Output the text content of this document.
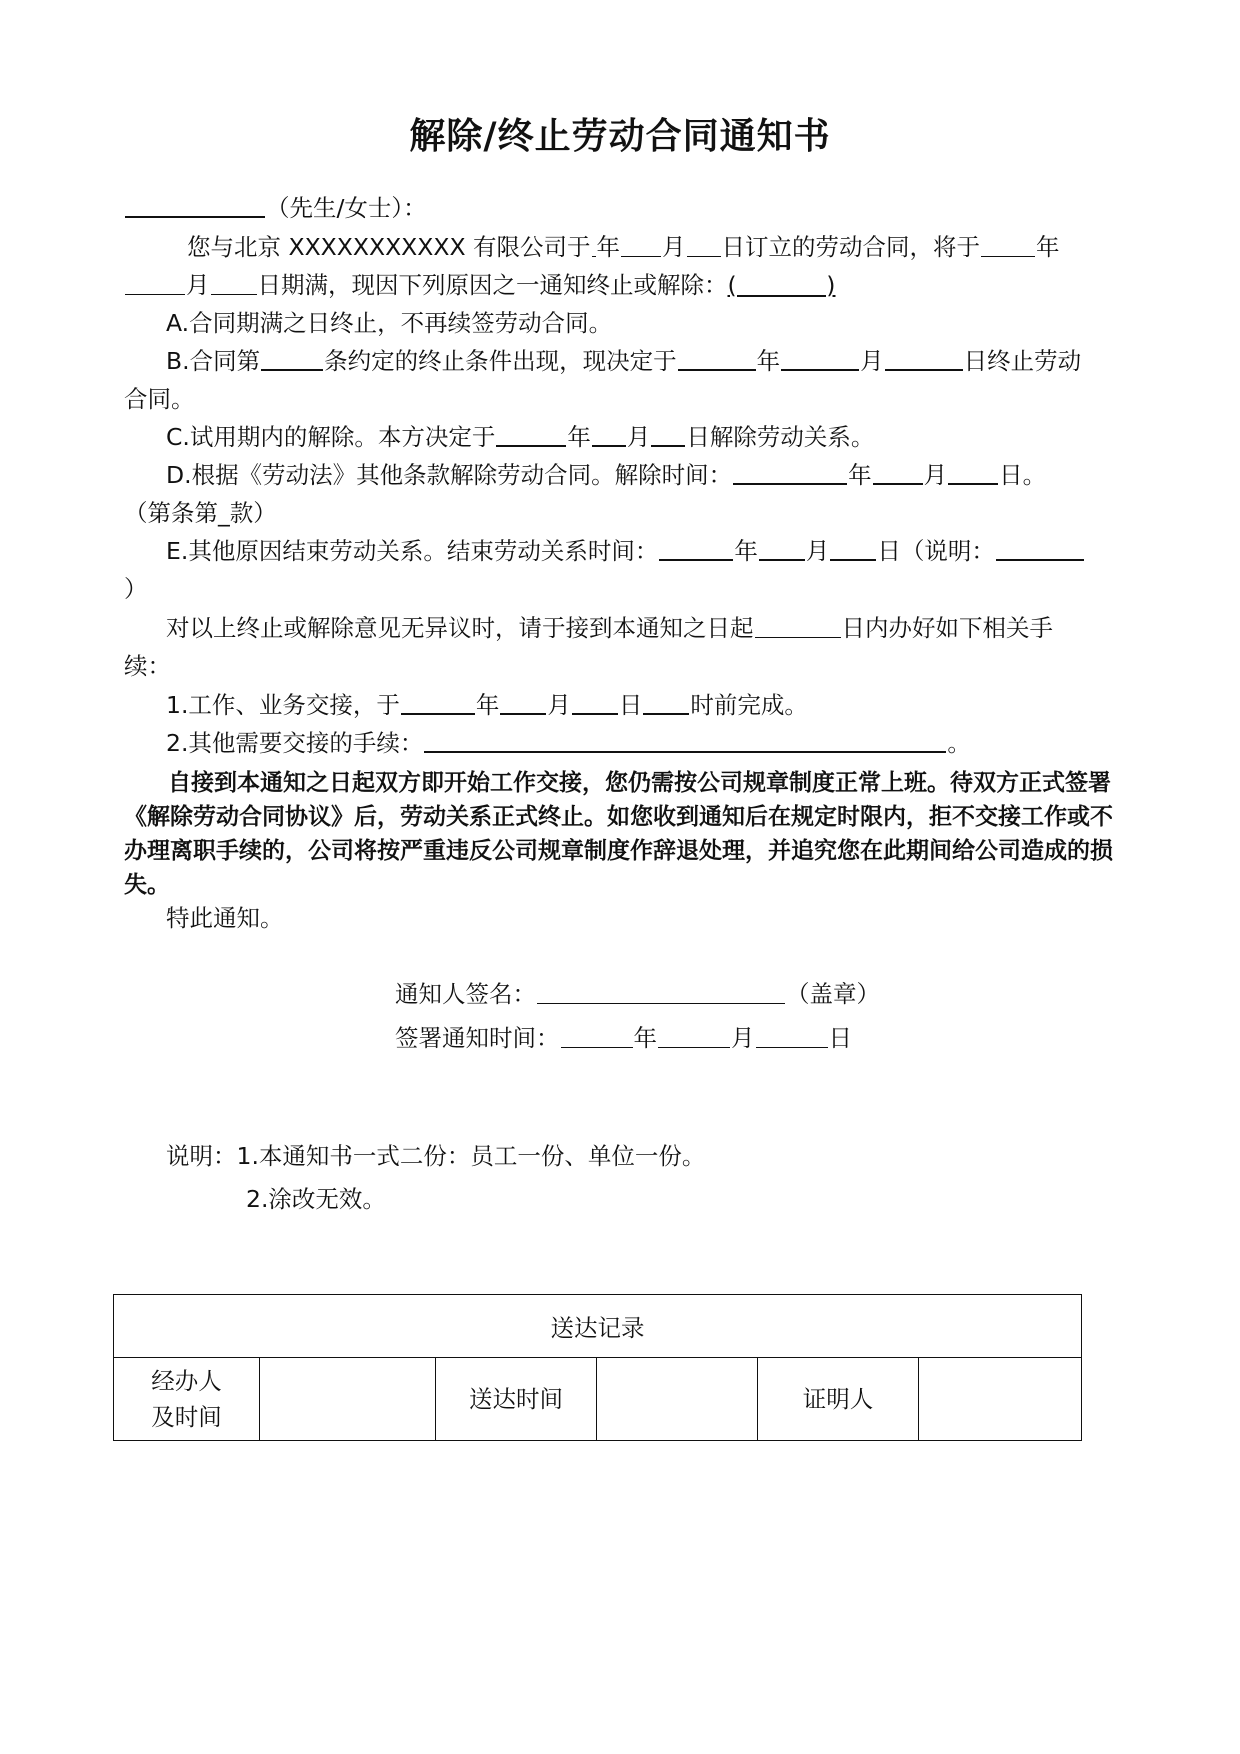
解除/终止劳动合同通知书
（先生/女士）：
您与北京 XXXXXXXXXXX 有限公司于 年 月 日订立的劳动合同，将于 年
月 日期满，现因下列原因之一通知终止或解除：(            )
A.合同期满之日终止，不再续签劳动合同。
B.合同第	条约定的终止条件出现，现决定于	年	月	日终止劳动
合同。
C.试用期内的解除。本方决定于	年 月 日解除劳动关系。
D.根据《劳动法》其他条款解除劳动合同。解除时间：	年 月 日。
（第条第_款）
E.其他原因结束劳动关系。结束劳动关系时间：	年 月 日（说明：
）
对以上终止或解除意见无异议时，请于接到本通知之日起	日内办好如下相关手
续：
1.工作、业务交接，于	年 月 日 时前完成。
2.其他需要交接的手续：	。
自接到本通知之日起双方即开始工作交接，您仍需按公司规章制度正常上班。待双方正式签署《解除劳动合同协议》后，劳动关系正式终止。如您收到通知后在规定时限内，拒不交接工作或不办理离职手续的，公司将按严重违反公司规章制度作辞退处理，并追究您在此期间给公司造成的损失。
特此通知。
通知人签名：	（盖章）
签署通知时间：	年	月	日
说明：1.本通知书一式二份：员工一份、单位一份。
2.涂改无效。
送达记录
经办人
及时间		送达时间		证明人	
